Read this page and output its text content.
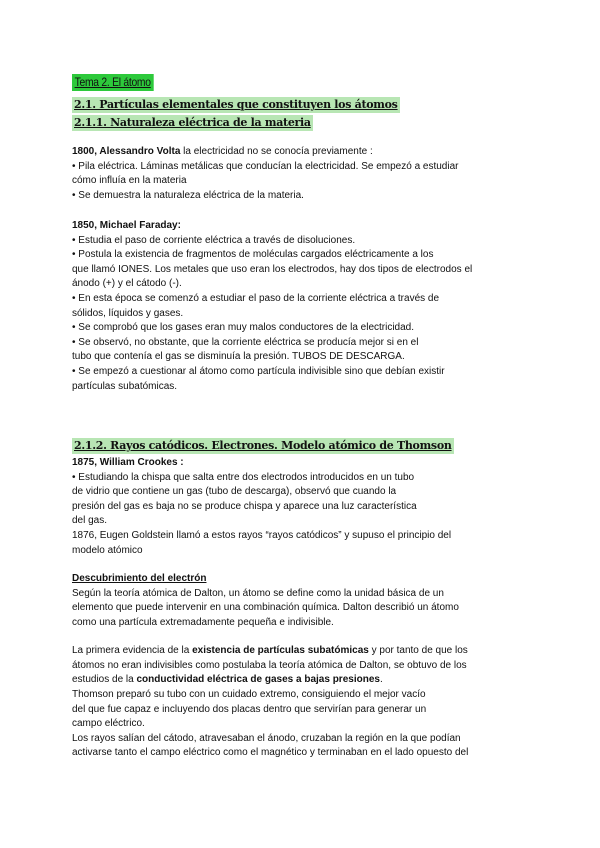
Tema 2. El átomo
2.1. Partículas elementales que constituyen los átomos
2.1.1. Naturaleza eléctrica de la materia
1800, Alessandro Volta la electricidad no se conocía previamente :
• Pila eléctrica. Láminas metálicas que conducían la electricidad. Se empezó a estudiar
cómo influía en la materia
• Se demuestra la naturaleza eléctrica de la materia.
1850, Michael Faraday:
• Estudia el paso de corriente eléctrica a través de disoluciones.
• Postula la existencia de fragmentos de moléculas cargados eléctricamente a los
que llamó IONES. Los metales que uso eran los electrodos, hay dos tipos de electrodos el
ánodo (+) y el cátodo (-).
• En esta época se comenzó a estudiar el paso de la corriente eléctrica a través de
sólidos, líquidos y gases.
• Se comprobó que los gases eran muy malos conductores de la electricidad.
• Se observó, no obstante, que la corriente eléctrica se producía mejor si en el
tubo que contenía el gas se disminuía la presión. TUBOS DE DESCARGA.
• Se empezó a cuestionar al átomo como partícula indivisible sino que debían existir
partículas subatómicas.
2.1.2. Rayos catódicos. Electrones. Modelo atómico de Thomson
1875, William Crookes :
• Estudiando la chispa que salta entre dos electrodos introducidos en un tubo
de vidrio que contiene un gas (tubo de descarga), observó que cuando la
presión del gas es baja no se produce chispa y aparece una luz característica
del gas.
1876, Eugen Goldstein llamó a estos rayos “rayos catódicos” y supuso el principio del
modelo atómico
Descubrimiento del electrón
Según la teoría atómica de Dalton, un átomo se define como la unidad básica de un
elemento que puede intervenir en una combinación química. Dalton describió un átomo
como una partícula extremadamente pequeña e indivisible.
La primera evidencia de la existencia de partículas subatómicas y por tanto de que los
átomos no eran indivisibles como postulaba la teoría atómica de Dalton, se obtuvo de los
estudios de la conductividad eléctrica de gases a bajas presiones.
Thomson preparó su tubo con un cuidado extremo, consiguiendo el mejor vacío
del que fue capaz e incluyendo dos placas dentro que servirían para generar un
campo eléctrico.
Los rayos salían del cátodo, atravesaban el ánodo, cruzaban la región en la que podían
activarse tanto el campo eléctrico como el magnético y terminaban en el lado opuesto del
